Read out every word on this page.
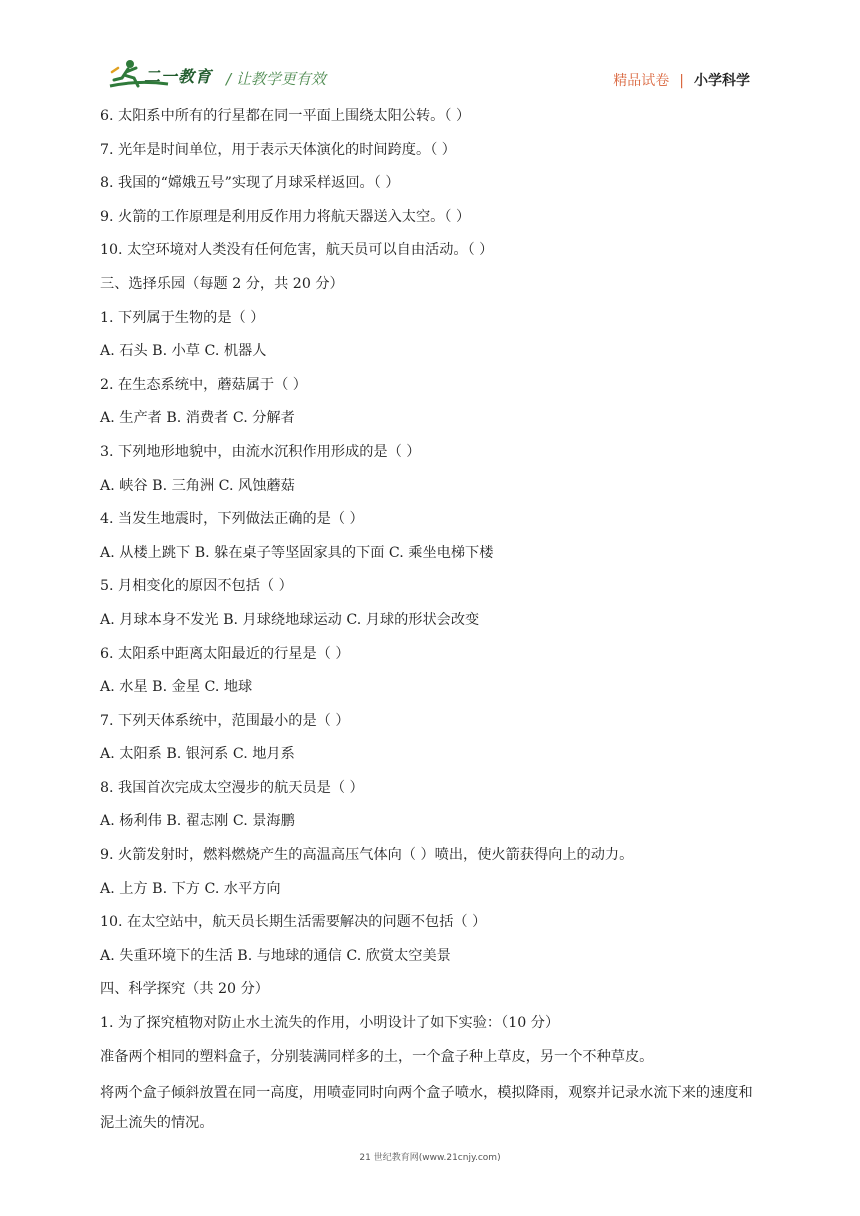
二一教育 / 让教学更有效	精品试卷 | 小学科学
6. 太阳系中所有的行星都在同一平面上围绕太阳公转。（ ）
7. 光年是时间单位，用于表示天体演化的时间跨度。（ ）
8. 我国的“嫦娥五号”实现了月球采样返回。（ ）
9. 火箭的工作原理是利用反作用力将航天器送入太空。（ ）
10. 太空环境对人类没有任何危害，航天员可以自由活动。（ ）
三、选择乐园（每题 2 分，共 20 分）
1. 下列属于生物的是（ ）
A. 石头 B. 小草 C. 机器人
2. 在生态系统中，蘑菇属于（ ）
A. 生产者 B. 消费者 C. 分解者
3. 下列地形地貌中，由流水沉积作用形成的是（ ）
A. 峡谷 B. 三角洲 C. 风蚀蘑菇
4. 当发生地震时，下列做法正确的是（ ）
A. 从楼上跳下 B. 躲在桌子等坚固家具的下面 C. 乘坐电梯下楼
5. 月相变化的原因不包括（ ）
A. 月球本身不发光 B. 月球绕地球运动 C. 月球的形状会改变
6. 太阳系中距离太阳最近的行星是（ ）
A. 水星 B. 金星 C. 地球
7. 下列天体系统中，范围最小的是（ ）
A. 太阳系 B. 银河系 C. 地月系
8. 我国首次完成太空漫步的航天员是（ ）
A. 杨利伟 B. 翟志刚 C. 景海鹏
9. 火箭发射时，燃料燃烧产生的高温高压气体向（ ）喷出，使火箭获得向上的动力。
A. 上方 B. 下方 C. 水平方向
10. 在太空站中，航天员长期生活需要解决的问题不包括（ ）
A. 失重环境下的生活 B. 与地球的通信 C. 欣赏太空美景
四、科学探究（共 20 分）
1. 为了探究植物对防止水土流失的作用，小明设计了如下实验：（10 分）
准备两个相同的塑料盒子，分别装满同样多的土，一个盒子种上草皮，另一个不种草皮。
将两个盒子倾斜放置在同一高度，用喷壶同时向两个盒子喷水，模拟降雨，观察并记录水流下来的速度和泥土流失的情况。
21 世纪教育网(www.21cnjy.com)
